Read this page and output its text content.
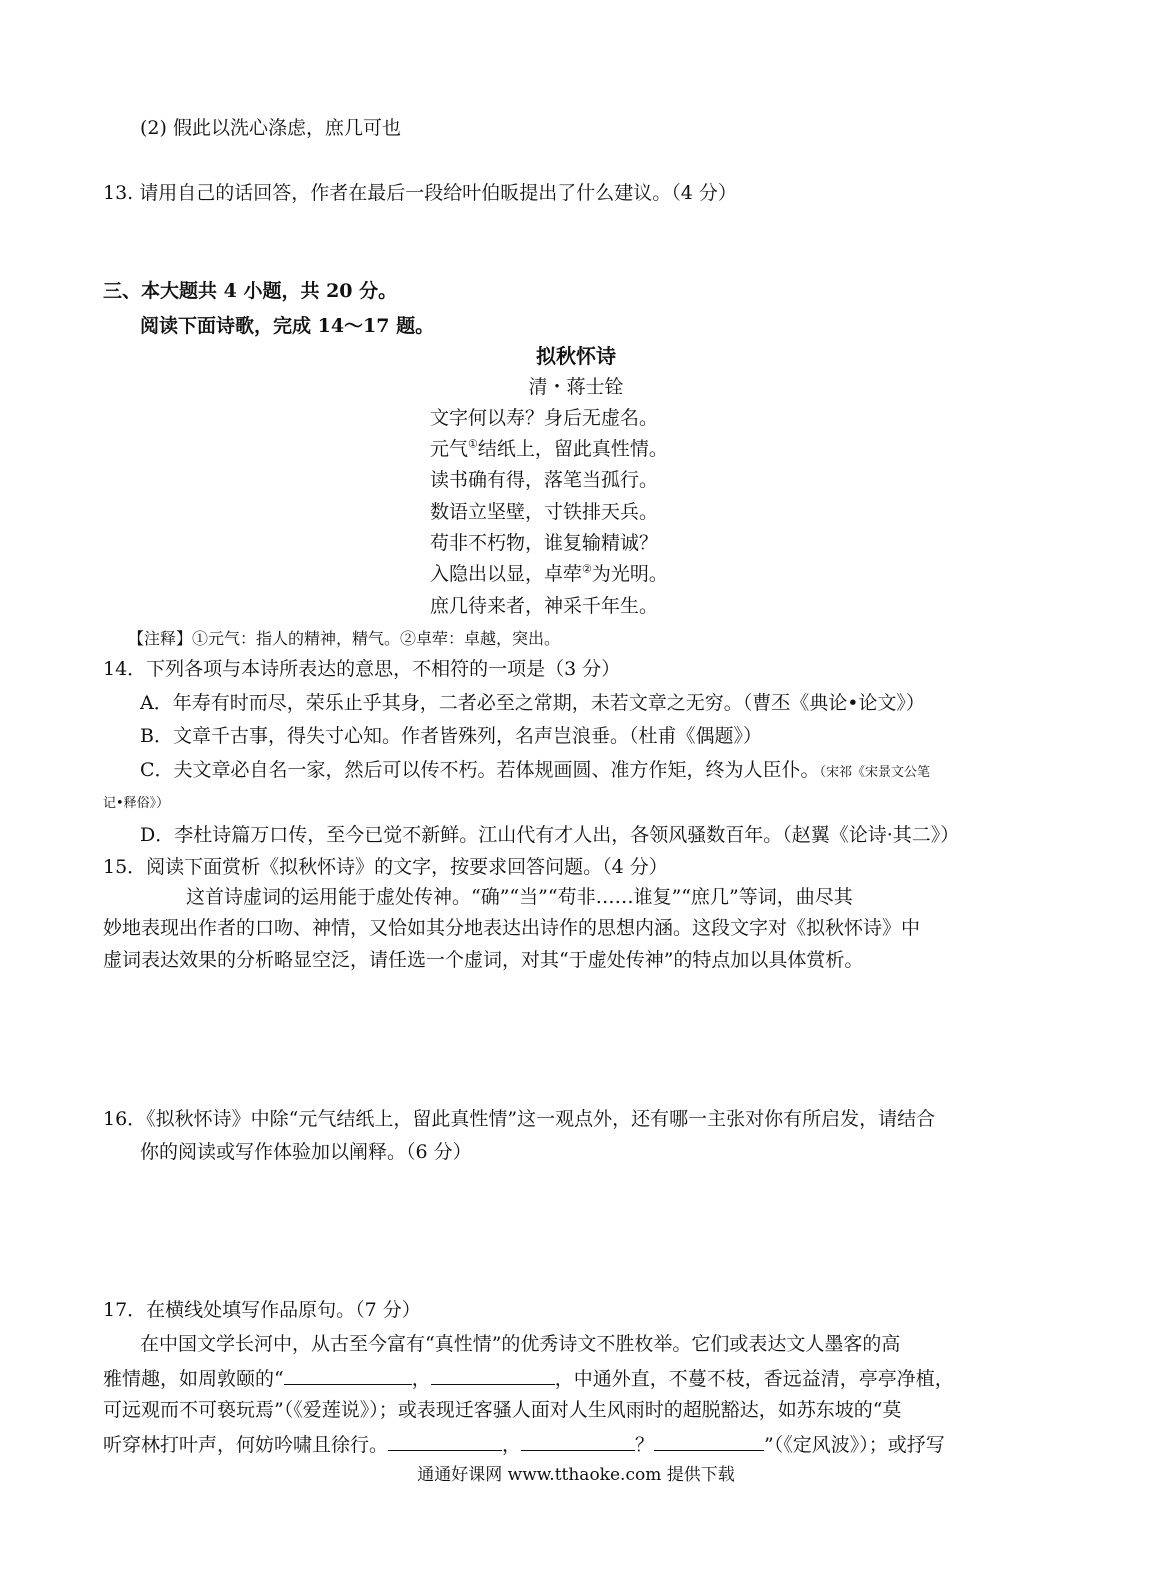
(2) 假此以洗心涤虑，庶几可也
13. 请用自己的话回答，作者在最后一段给叶伯昄提出了什么建议。（4 分）
三、本大题共 4 小题，共 20 分。
阅读下面诗歌，完成 14～17 题。
拟秋怀诗
清・蒋士铨
文字何以寿？身后无虚名。
元气①结纸上，留此真性情。
读书确有得，落笔当孤行。
数语立坚壁，寸铁排天兵。
苟非不朽物，谁复输精诚？
入隐出以显，卓荦②为光明。
庶几待来者，神采千年生。
【注释】①元气：指人的精神，精气。②卓荦：卓越，突出。
14．下列各项与本诗所表达的意思，不相符的一项是（3 分）
A．年寿有时而尽，荣乐止乎其身，二者必至之常期，未若文章之无穷。（曹丕《典论•论文》）
B．文章千古事，得失寸心知。作者皆殊列，名声岂浪垂。（杜甫《偶题》）
C．夫文章必自名一家，然后可以传不朽。若体规画圆、准方作矩，终为人臣仆。（宋祁《宋景文公笔
记•释俗》）
D．李杜诗篇万口传，至今已觉不新鲜。江山代有才人出，各领风骚数百年。（赵翼《论诗·其二》）
15．阅读下面赏析《拟秋怀诗》的文字，按要求回答问题。（4 分）
这首诗虚词的运用能于虚处传神。“确”“当”“苟非……谁复”“庶几”等词，曲尽其
妙地表现出作者的口吻、神情，又恰如其分地表达出诗作的思想内涵。这段文字对《拟秋怀诗》中
虚词表达效果的分析略显空泛，请任选一个虚词，对其“于虚处传神”的特点加以具体赏析。
16．《拟秋怀诗》中除“元气结纸上，留此真性情”这一观点外，还有哪一主张对你有所启发，请结合
你的阅读或写作体验加以阐释。（6 分）
17．在横线处填写作品原句。（7 分）
在中国文学长河中，从古至今富有“真性情”的优秀诗文不胜枚举。它们或表达文人墨客的高
雅情趣，如周敦颐的“	，	，中通外直，不蔓不枝，香远益清，亭亭净植，
可远观而不可亵玩焉”（《爱莲说》）；或表现迁客骚人面对人生风雨时的超脱豁达，如苏东坡的“莫
听穿林打叶声，何妨吟啸且徐行。	，	？	”（《定风波》）；或抒写
通通好课网 www.tthaoke.com 提供下载
